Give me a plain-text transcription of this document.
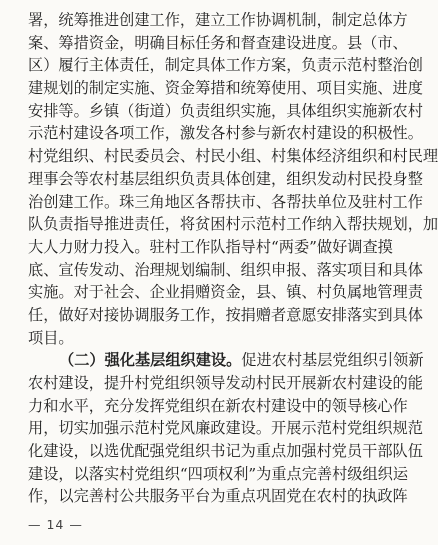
署，统筹推进创建工作，建立工作协调机制，制定总体方
案、筹措资金，明确目标任务和督查建设进度。县（市、
区）履行主体责任，制定具体工作方案，负责示范村整治创
建规划的制定实施、资金筹措和统筹使用、项目实施、进度
安排等。乡镇（街道）负责组织实施，具体组织实施新农村
示范村建设各项工作，激发各村参与新农村建设的积极性。
村党组织、村民委员会、村民小组、村集体经济组织和村民理
理事会等农村基层组织负责具体创建，组织发动村民投身整
治创建工作。珠三角地区各帮扶市、各帮扶单位及驻村工作
队负责指导推进责任，将贫困村示范村工作纳入帮扶规划，加
大人力财力投入。驻村工作队指导村“两委”做好调查摸
底、宣传发动、治理规划编制、组织申报、落实项目和具体
实施。对于社会、企业捐赠资金，县、镇、村负属地管理责
任，做好对接协调服务工作，按捐赠者意愿安排落实到具体
项目。
（二）强化基层组织建设。促进农村基层党组织引领新
农村建设，提升村党组织领导发动村民开展新农村建设的能
力和水平，充分发挥党组织在新农村建设中的领导核心作
用，切实加强示范村党风廉政建设。开展示范村党组织规范
化建设，以选优配强党组织书记为重点加强村党员干部队伍
建设，以落实村党组织“四项权利”为重点完善村级组织运
作，以完善村公共服务平台为重点巩固党在农村的执政阵
— 14 —
